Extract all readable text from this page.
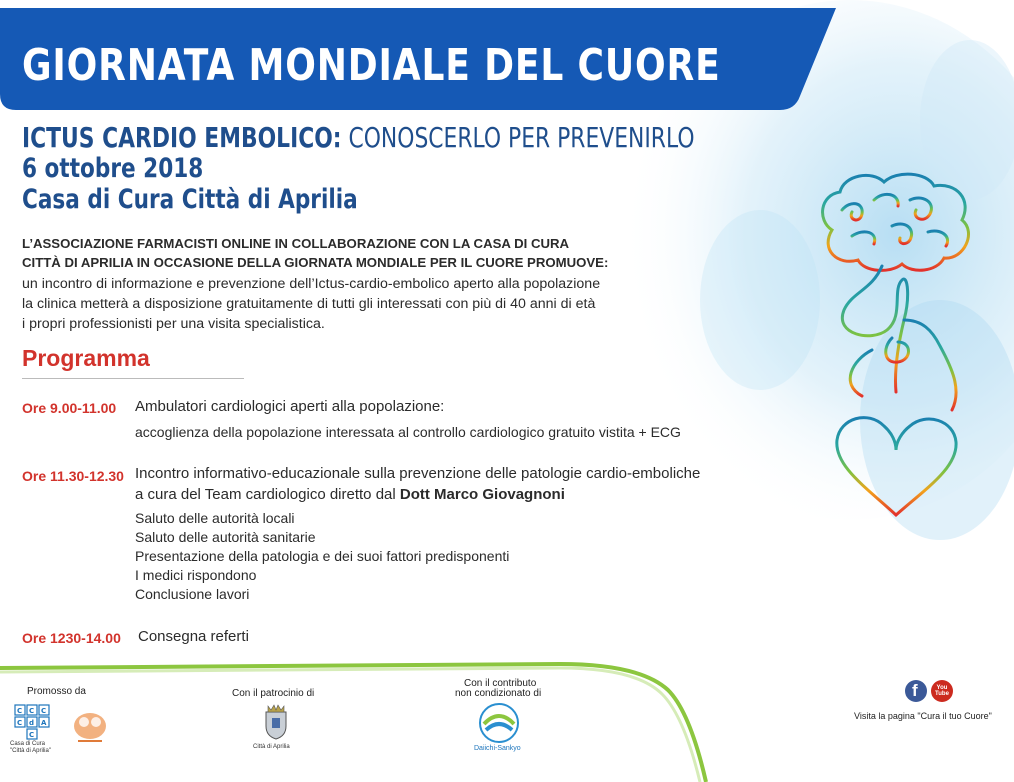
GIORNATA MONDIALE DEL CUORE
ICTUS CARDIO EMBOLICO: CONOSCERLO PER PREVENIRLO
6 ottobre 2018
Casa di Cura Città di Aprilia
L’ASSOCIAZIONE FARMACISTI ONLINE IN COLLABORAZIONE CON LA CASA DI CURA
CITTÀ DI APRILIA IN OCCASIONE DELLA GIORNATA MONDIALE PER IL CUORE PROMUOVE:
un incontro di informazione e prevenzione dell’Ictus-cardio-embolico aperto alla popolazione
la clinica metterà a disposizione gratuitamente di tutti gli interessati con più di 40 anni di età
i propri professionisti per una visita specialistica.
Programma
Ore 9.00-11.00 Ambulatori cardiologici aperti alla popolazione:
accoglienza della popolazione interessata al controllo cardiologico gratuito vistita + ECG
Ore 11.30-12.30 Incontro informativo-educazionale sulla prevenzione delle patologie cardio-emboliche
a cura del Team cardiologico diretto dal Dott Marco Giovagnoni
Saluto delle autorità locali
Saluto delle autorità sanitarie
Presentazione della patologia e dei suoi fattori predisponenti
I medici rispondono
Conclusione lavori
Ore 1230-14.00 Consegna referti
Promosso da
C C C
C d A
C
Casa di Cura
"Città di Aprilia"
Con il patrocinio di
Città di Aprilia
Con il contributo
non condizionato di
Daiichi-Sankyo
f	You Tube
Visita la pagina "Cura il tuo Cuore"
